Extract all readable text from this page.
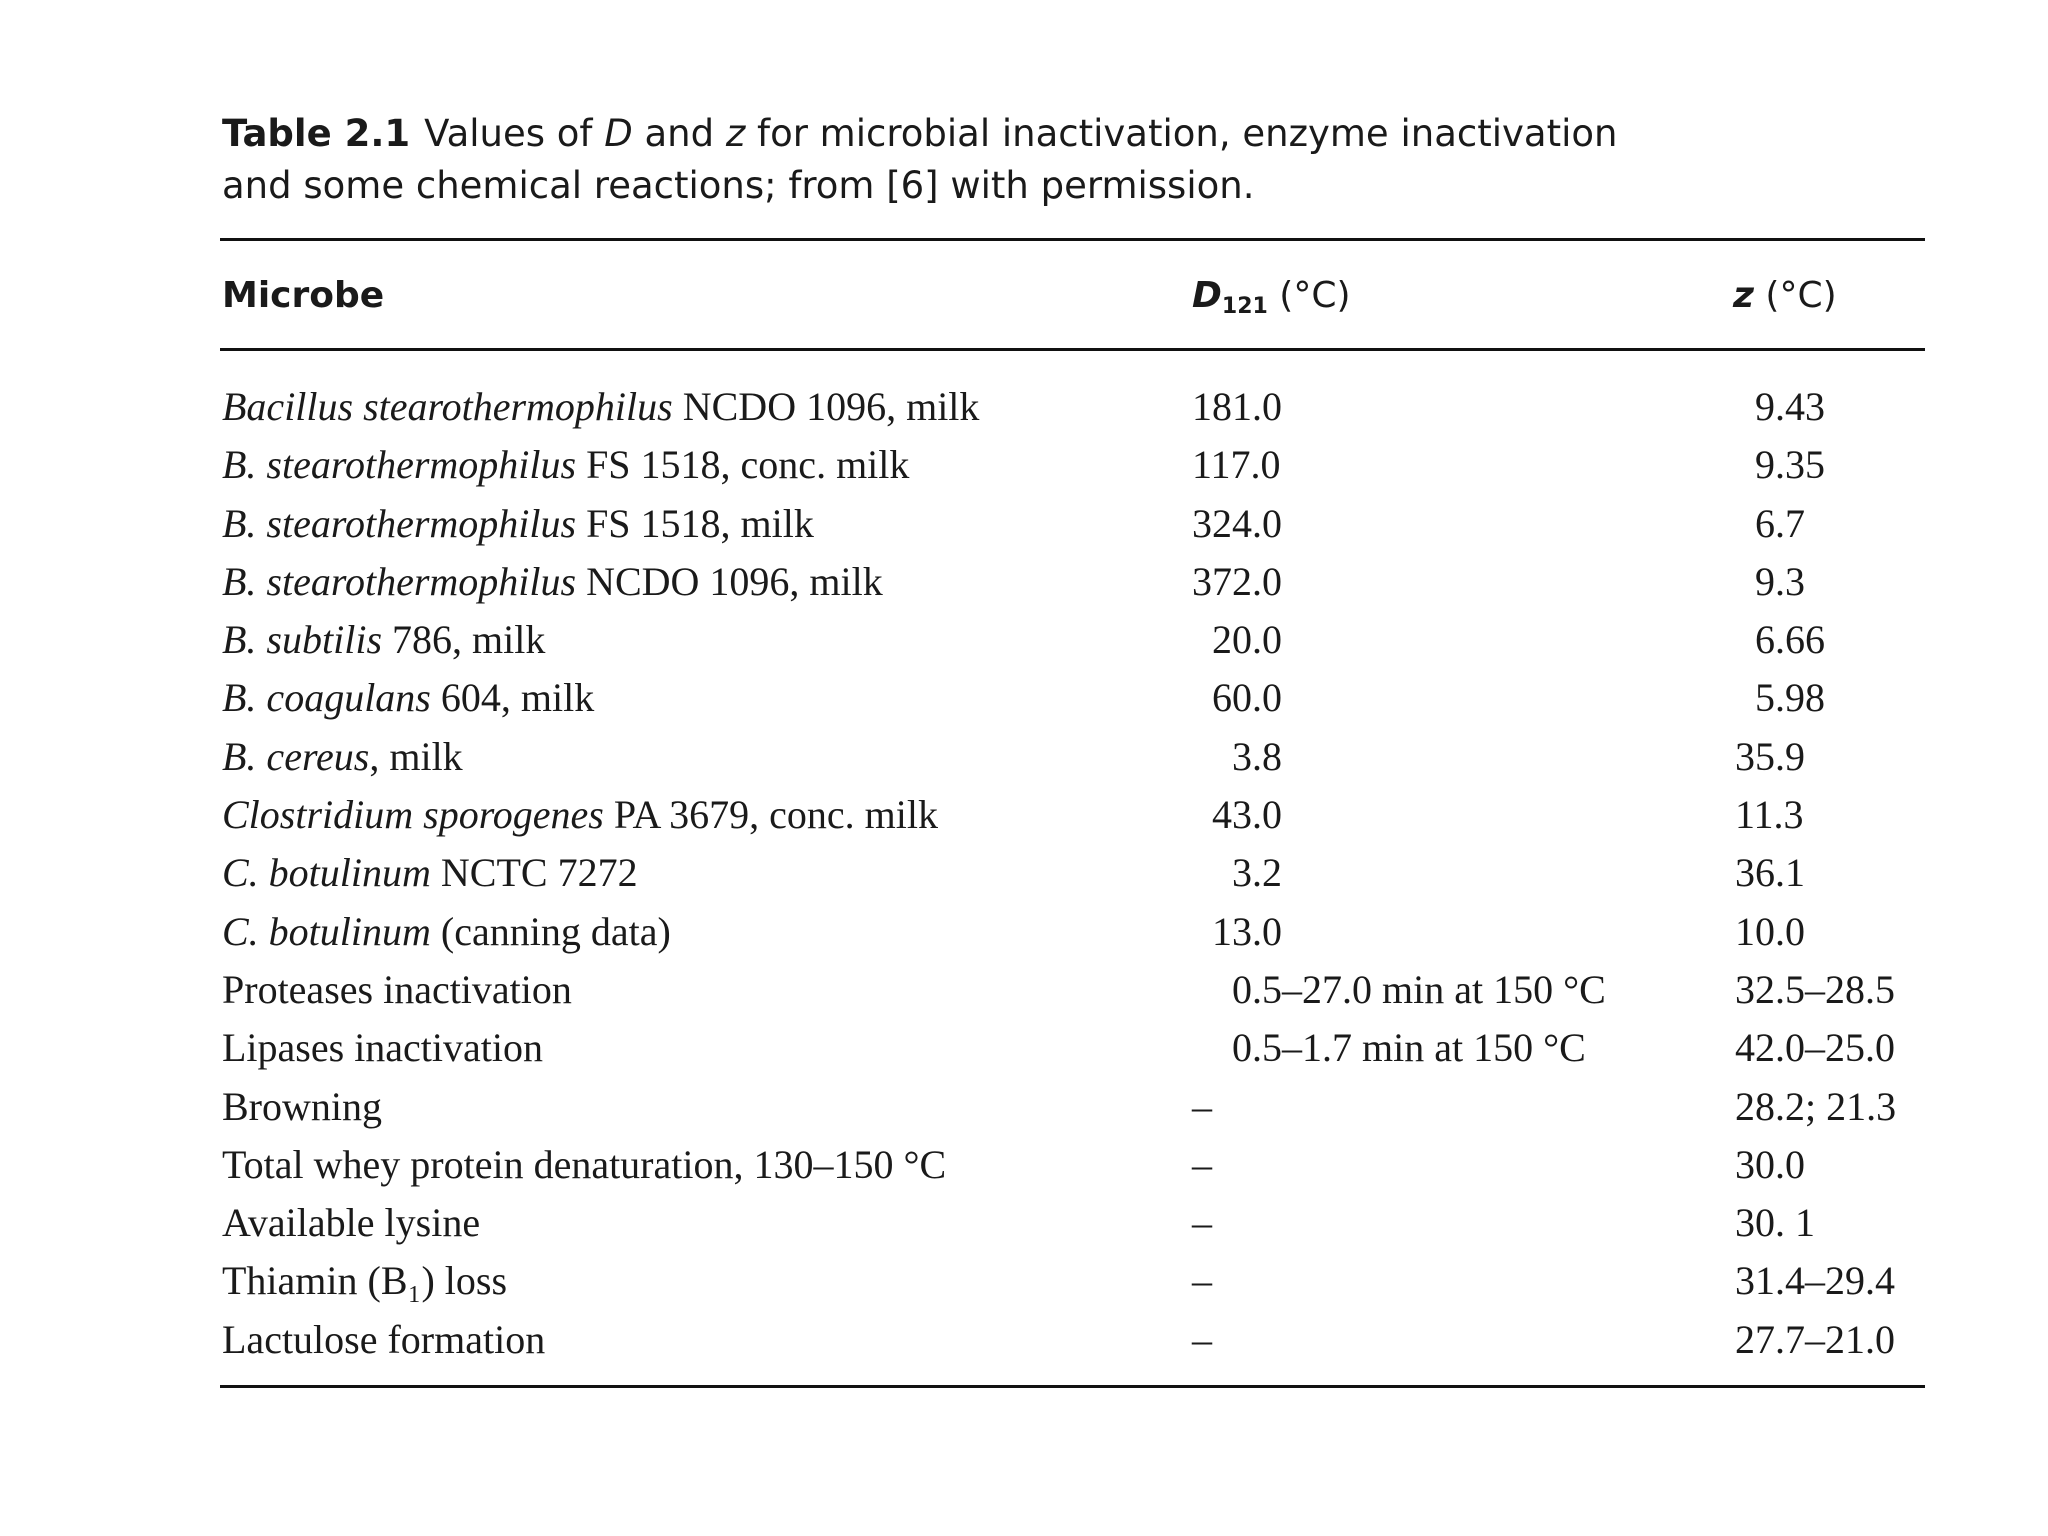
Table 2.1 Values of D and z for microbial inactivation, enzyme inactivation
and some chemical reactions; from [6] with permission.
Microbe	$D_{121}$ (°C)	z (°C)
Bacillus stearothermophilus NCDO 1096, milk	181.0	9.43
B. stearothermophilus FS 1518, conc. milk	117.0	9.35
B. stearothermophilus FS 1518, milk	324.0	6.7
B. stearothermophilus NCDO 1096, milk	372.0	9.3
B. subtilis 786, milk	20.0	6.66
B. coagulans 604, milk	60.0	5.98
B. cereus, milk	3.8	35.9
Clostridium sporogenes PA 3679, conc. milk	43.0	11.3
C. botulinum NCTC 7272	3.2	36.1
C. botulinum (canning data)	13.0	10.0
Proteases inactivation	0.5–27.0 min at 150 °C	32.5–28.5
Lipases inactivation	0.5–1.7 min at 150 °C	42.0–25.0
Browning	–	28.2; 21.3
Total whey protein denaturation, 130–150 °C	–	30.0
Available lysine	–	30. 1
Thiamin (B₁) loss	–	31.4–29.4
Lactulose formation	–	27.7–21.0
